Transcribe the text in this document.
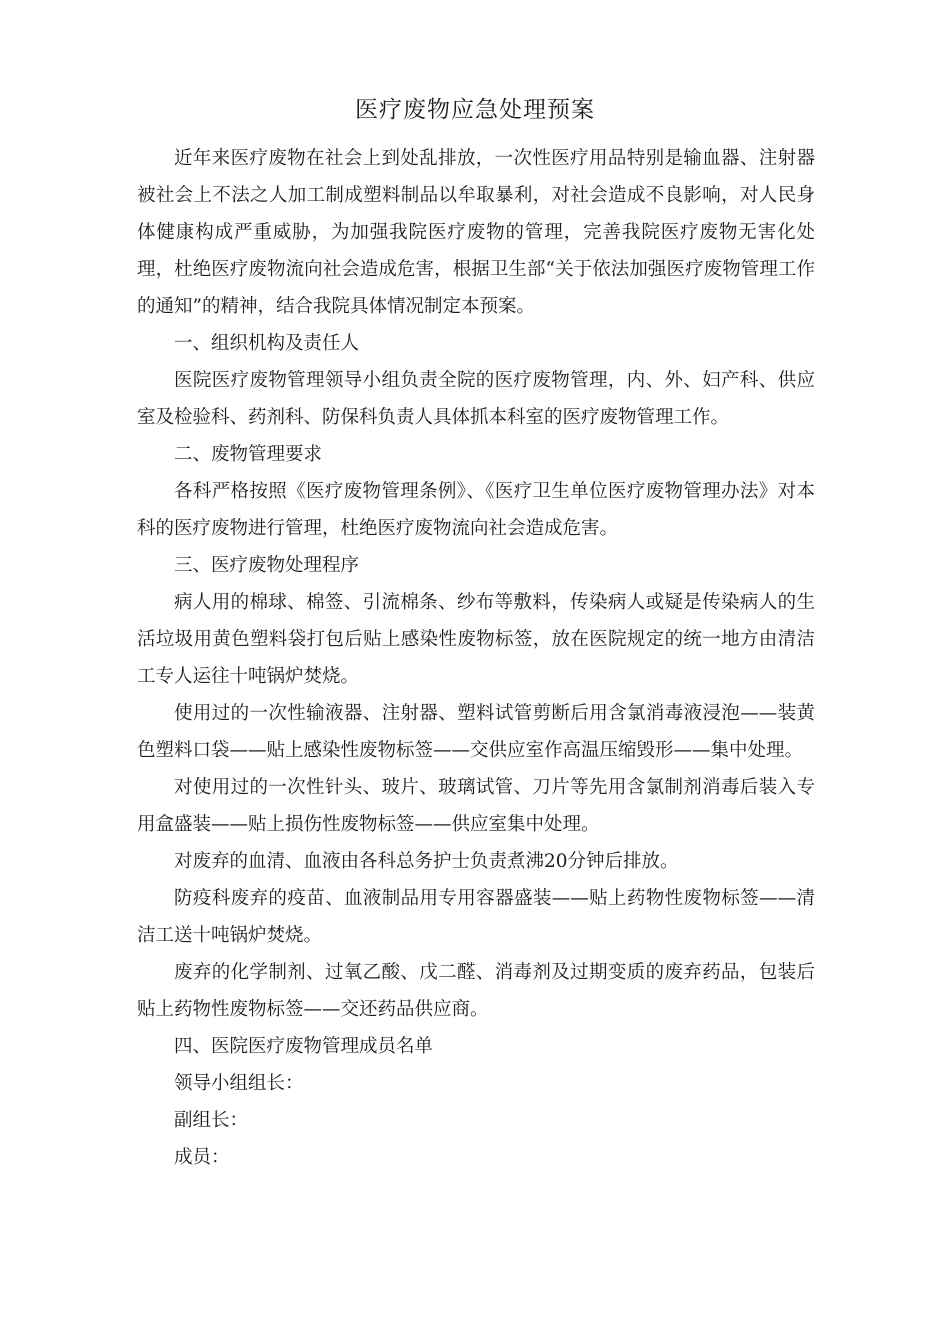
医疗废物应急处理预案

近年来医疗废物在社会上到处乱排放，一次性医疗用品特别是输血器、注射器被社会上不法之人加工制成塑料制品以牟取暴利，对社会造成不良影响，对人民身体健康构成严重威胁，为加强我院医疗废物的管理，完善我院医疗废物无害化处理，杜绝医疗废物流向社会造成危害，根据卫生部“关于依法加强医疗废物管理工作的通知”的精神，结合我院具体情况制定本预案。

一、组织机构及责任人

医院医疗废物管理领导小组负责全院的医疗废物管理，内、外、妇产科、供应室及检验科、药剂科、防保科负责人具体抓本科室的医疗废物管理工作。

二、废物管理要求

各科严格按照《医疗废物管理条例》、《医疗卫生单位医疗废物管理办法》对本科的医疗废物进行管理，杜绝医疗废物流向社会造成危害。

三、医疗废物处理程序

病人用的棉球、棉签、引流棉条、纱布等敷料，传染病人或疑是传染病人的生活垃圾用黄色塑料袋打包后贴上感染性废物标签，放在医院规定的统一地方由清洁工专人运往十吨锅炉焚烧。

使用过的一次性输液器、注射器、塑料试管剪断后用含氯消毒液浸泡——装黄色塑料口袋——贴上感染性废物标签——交供应室作高温压缩毁形——集中处理。

对使用过的一次性针头、玻片、玻璃试管、刀片等先用含氯制剂消毒后装入专用盒盛装——贴上损伤性废物标签——供应室集中处理。

对废弃的血清、血液由各科总务护士负责煮沸20分钟后排放。

防疫科废弃的疫苗、血液制品用专用容器盛装——贴上药物性废物标签——清洁工送十吨锅炉焚烧。

废弃的化学制剂、过氧乙酸、戊二醛、消毒剂及过期变质的废弃药品，包装后贴上药物性废物标签——交还药品供应商。

四、医院医疗废物管理成员名单

领导小组组长：

副组长：

成员：
